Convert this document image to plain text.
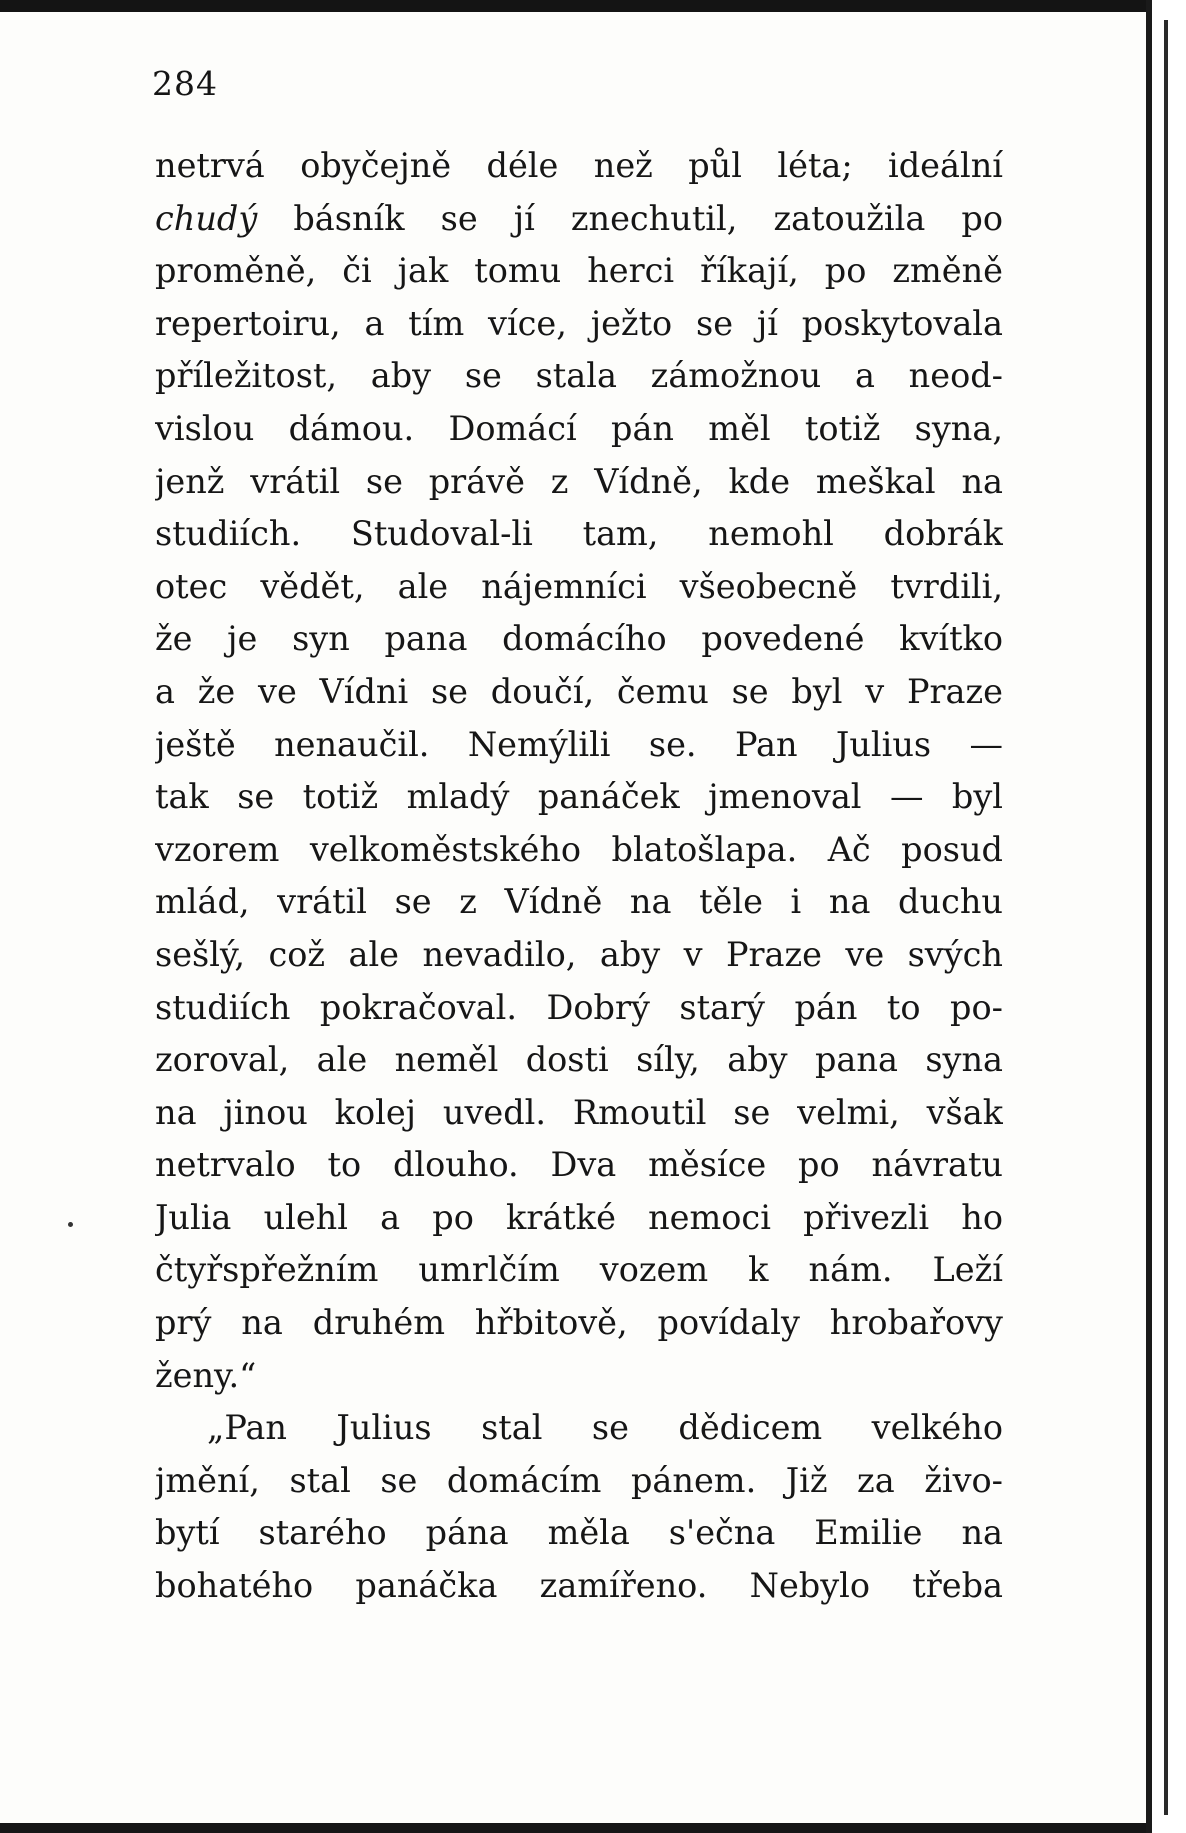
284
netrvá obyčejně déle než půl léta; ideální
chudý básník se jí znechutil, zatoužila po
proměně, či jak tomu herci říkají, po změně
repertoiru, a tím více, ježto se jí poskytovala
příležitost, aby se stala zámožnou a neod-
vislou dámou. Domácí pán měl totiž syna,
jenž vrátil se právě z Vídně, kde meškal na
studiích. Studoval-li tam, nemohl dobrák
otec vědět, ale nájemníci všeobecně tvrdili,
že je syn pana domácího povedené kvítko
a že ve Vídni se doučí, čemu se byl v Praze
ještě nenaučil. Nemýlili se. Pan Julius —
tak se totiž mladý panáček jmenoval — byl
vzorem velkoměstského blatošlapa. Ač posud
mlád, vrátil se z Vídně na těle i na duchu
sešlý, což ale nevadilo, aby v Praze ve svých
studiích pokračoval. Dobrý starý pán to po-
zoroval, ale neměl dosti síly, aby pana syna
na jinou kolej uvedl. Rmoutil se velmi, však
netrvalo to dlouho. Dva měsíce po návratu
Julia ulehl a po krátké nemoci přivezli ho
čtyřspřežním umrlčím vozem k nám. Leží
prý na druhém hřbitově, povídaly hrobařovy
ženy.“
„Pan Julius stal se dědicem velkého
jmění, stal se domácím pánem. Již za živo-
bytí starého pána měla s'ečna Emilie na
bohatého panáčka zamířeno. Nebylo třeba
